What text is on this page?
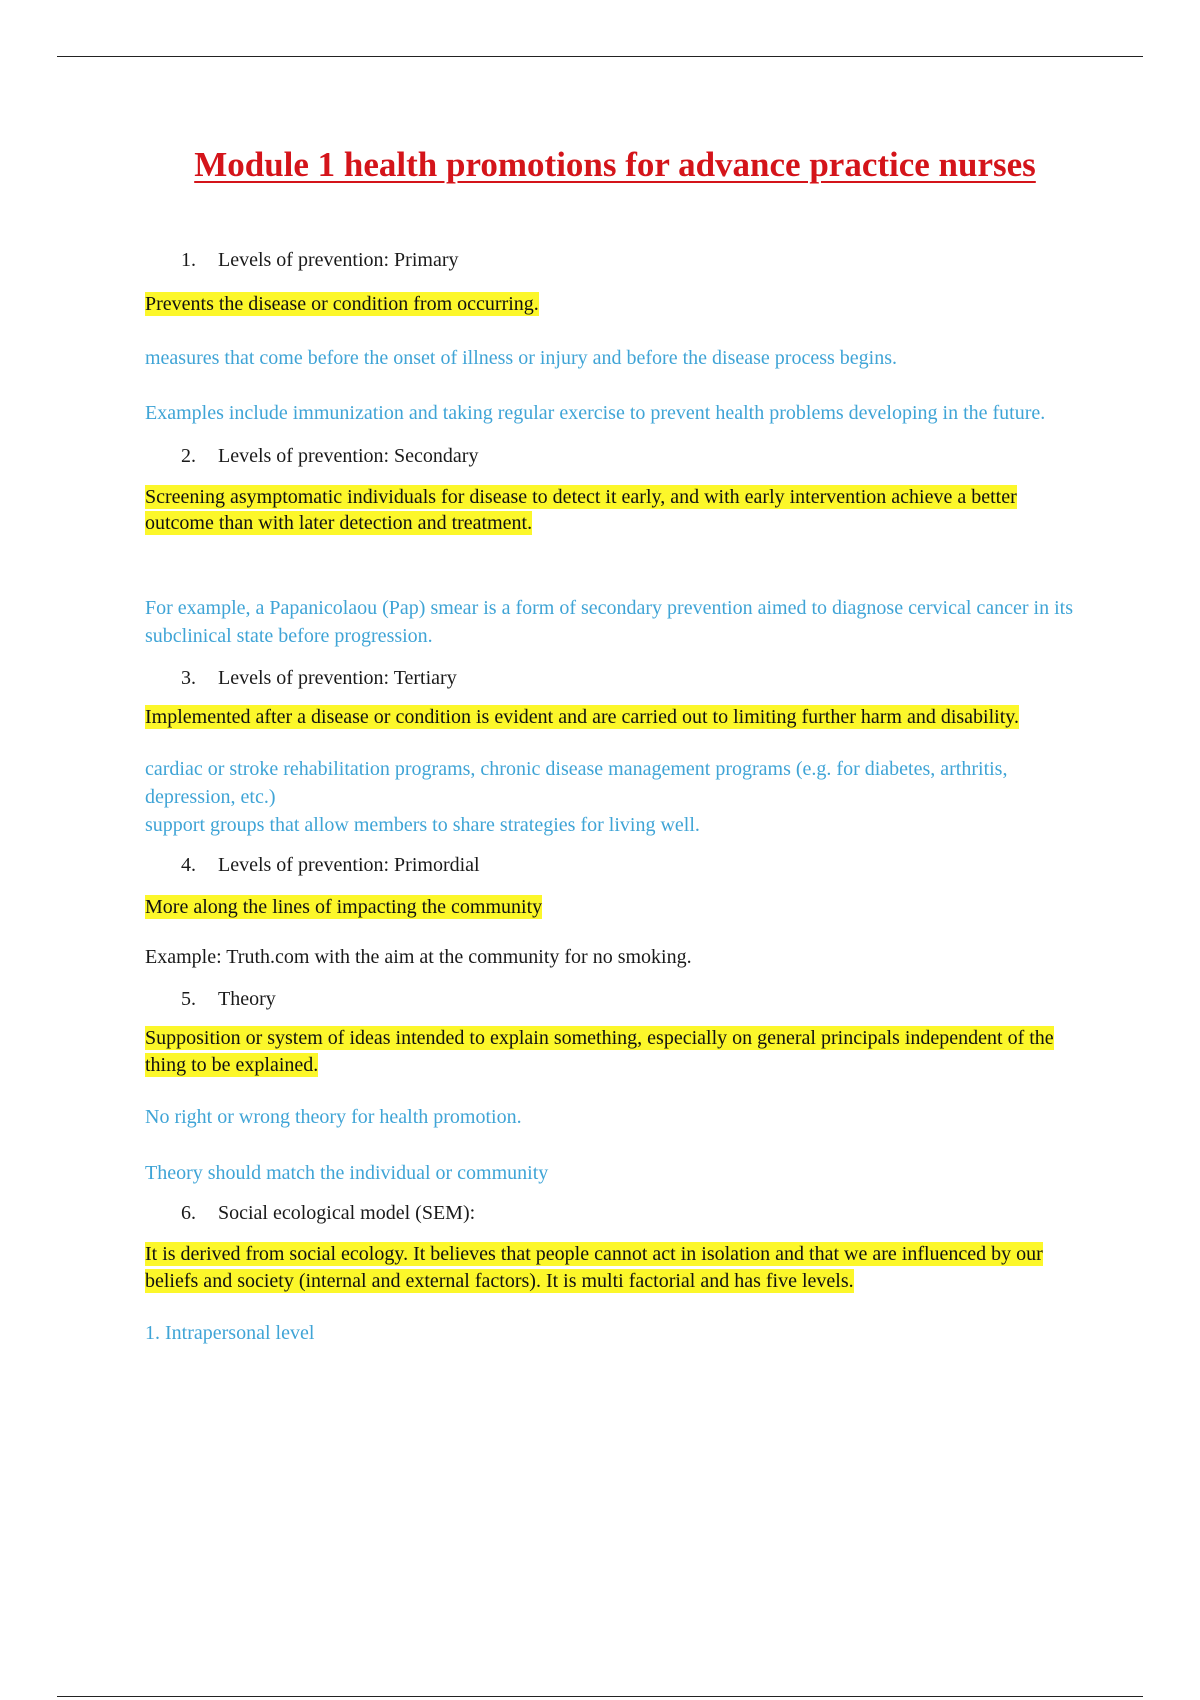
Module 1 health promotions for advance practice nurses
1. Levels of prevention: Primary

Prevents the disease or condition from occurring.

measures that come before the onset of illness or injury and before the disease process begins.

Examples include immunization and taking regular exercise to prevent health problems developing in the future.

2. Levels of prevention: Secondary

Screening asymptomatic individuals for disease to detect it early, and with early intervention achieve a better outcome than with later detection and treatment.

For example, a Papanicolaou (Pap) smear is a form of secondary prevention aimed to diagnose cervical cancer in its subclinical state before progression.

3. Levels of prevention: Tertiary

Implemented after a disease or condition is evident and are carried out to limiting further harm and disability.

cardiac or stroke rehabilitation programs, chronic disease management programs (e.g. for diabetes, arthritis, depression, etc.)

support groups that allow members to share strategies for living well.

4. Levels of prevention: Primordial

More along the lines of impacting the community

Example: Truth.com with the aim at the community for no smoking.

5. Theory

Supposition or system of ideas intended to explain something, especially on general principals independent of the thing to be explained.

No right or wrong theory for health promotion.

Theory should match the individual or community

6. Social ecological model (SEM):

It is derived from social ecology. It believes that people cannot act in isolation and that we are influenced by our beliefs and society (internal and external factors). It is multi factorial and has five levels.

1. Intrapersonal level
